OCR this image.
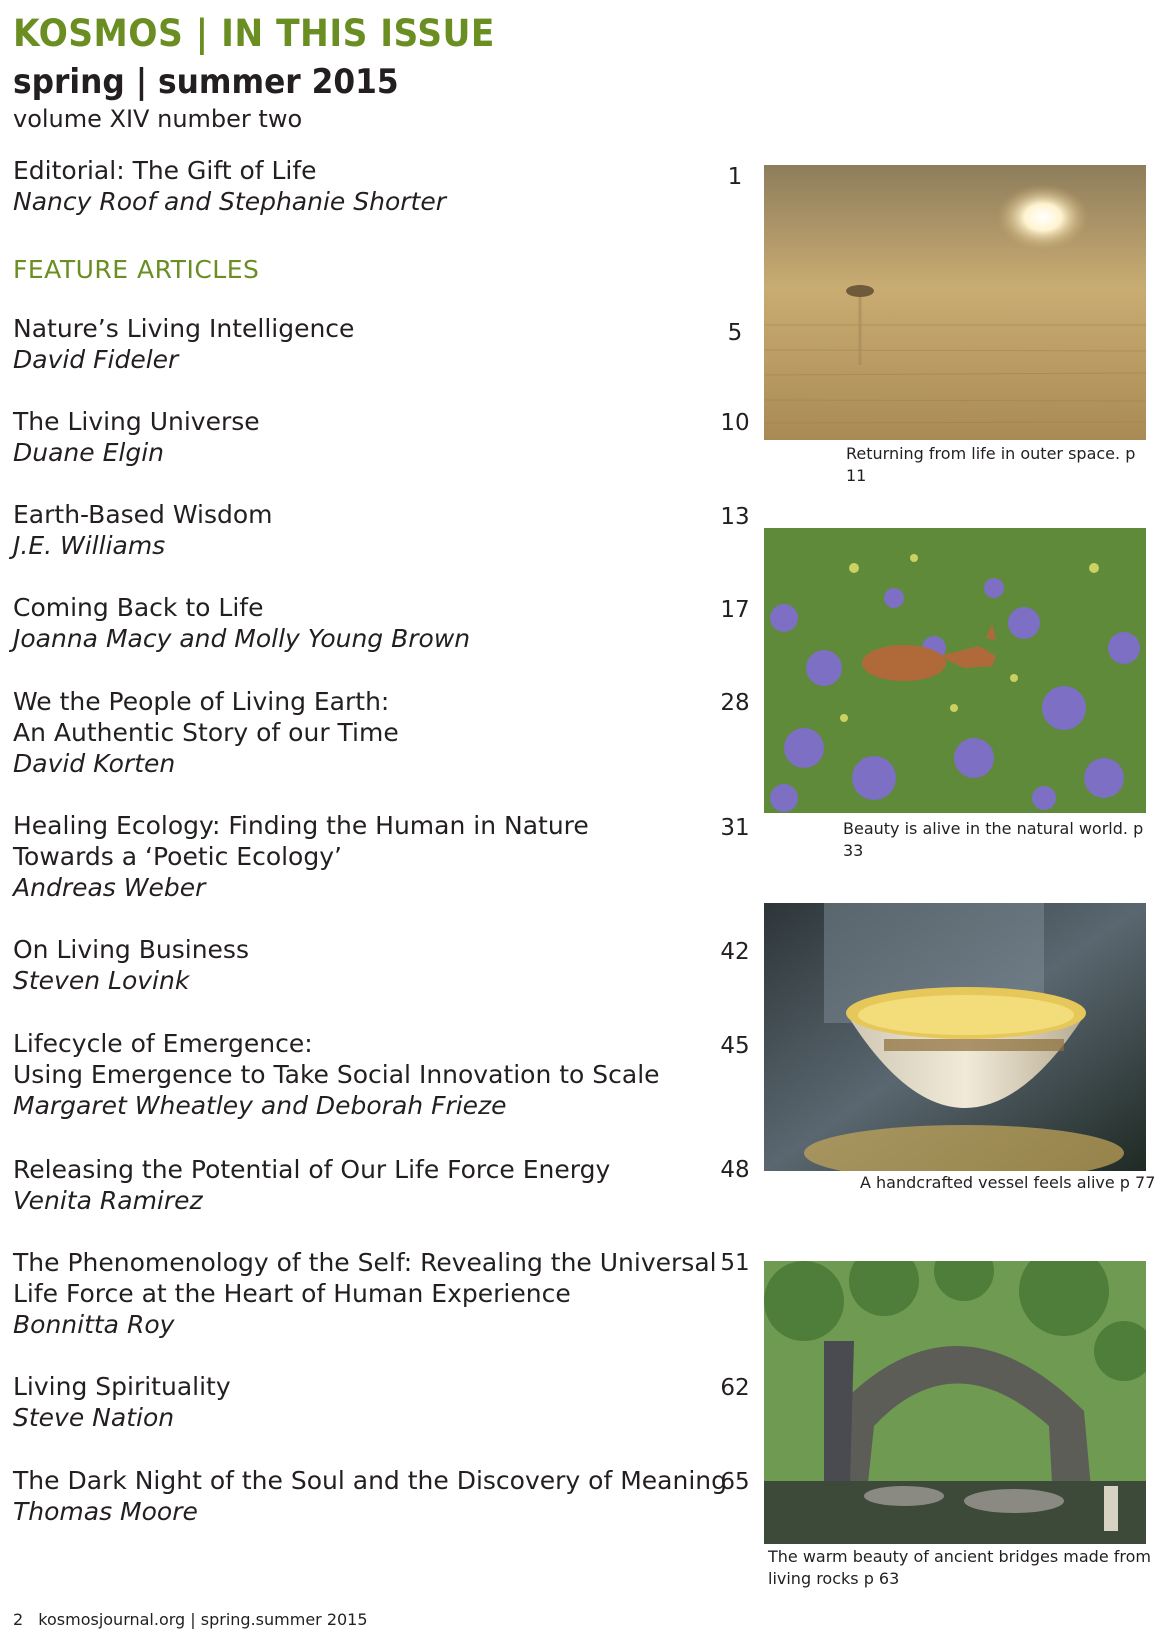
KOSMOS | IN THIS ISSUE
spring | summer 2015
volume XIV number two
Editorial: The Gift of Life
Nancy Roof and Stephanie Shorter
1
FEATURE ARTICLES
Nature’s Living Intelligence
David Fideler
5
The Living Universe
Duane Elgin
10
Earth-Based Wisdom
J.E. Williams
13
Coming Back to Life
Joanna Macy and Molly Young Brown
17
We the People of Living Earth:
An Authentic Story of our Time
David Korten
28
Healing Ecology: Finding the Human in Nature
Towards a ‘Poetic Ecology’
Andreas Weber
31
On Living Business
Steven Lovink
42
Lifecycle of Emergence:
Using Emergence to Take Social Innovation to Scale
Margaret Wheatley and Deborah Frieze
45
Releasing the Potential of Our Life Force Energy
Venita Ramirez
48
The Phenomenology of the Self: Revealing the Universal
Life Force at the Heart of Human Experience
Bonnitta Roy
51
Living Spirituality
Steve Nation
62
The Dark Night of the Soul and the Discovery of Meaning
Thomas Moore
65
Returning from life in outer space. p 11
Beauty is alive in the natural world. p 33
A handcrafted vessel feels alive p 77
The warm beauty of ancient bridges made from
living rocks p 63
2 kosmosjournal.org | spring.summer 2015
